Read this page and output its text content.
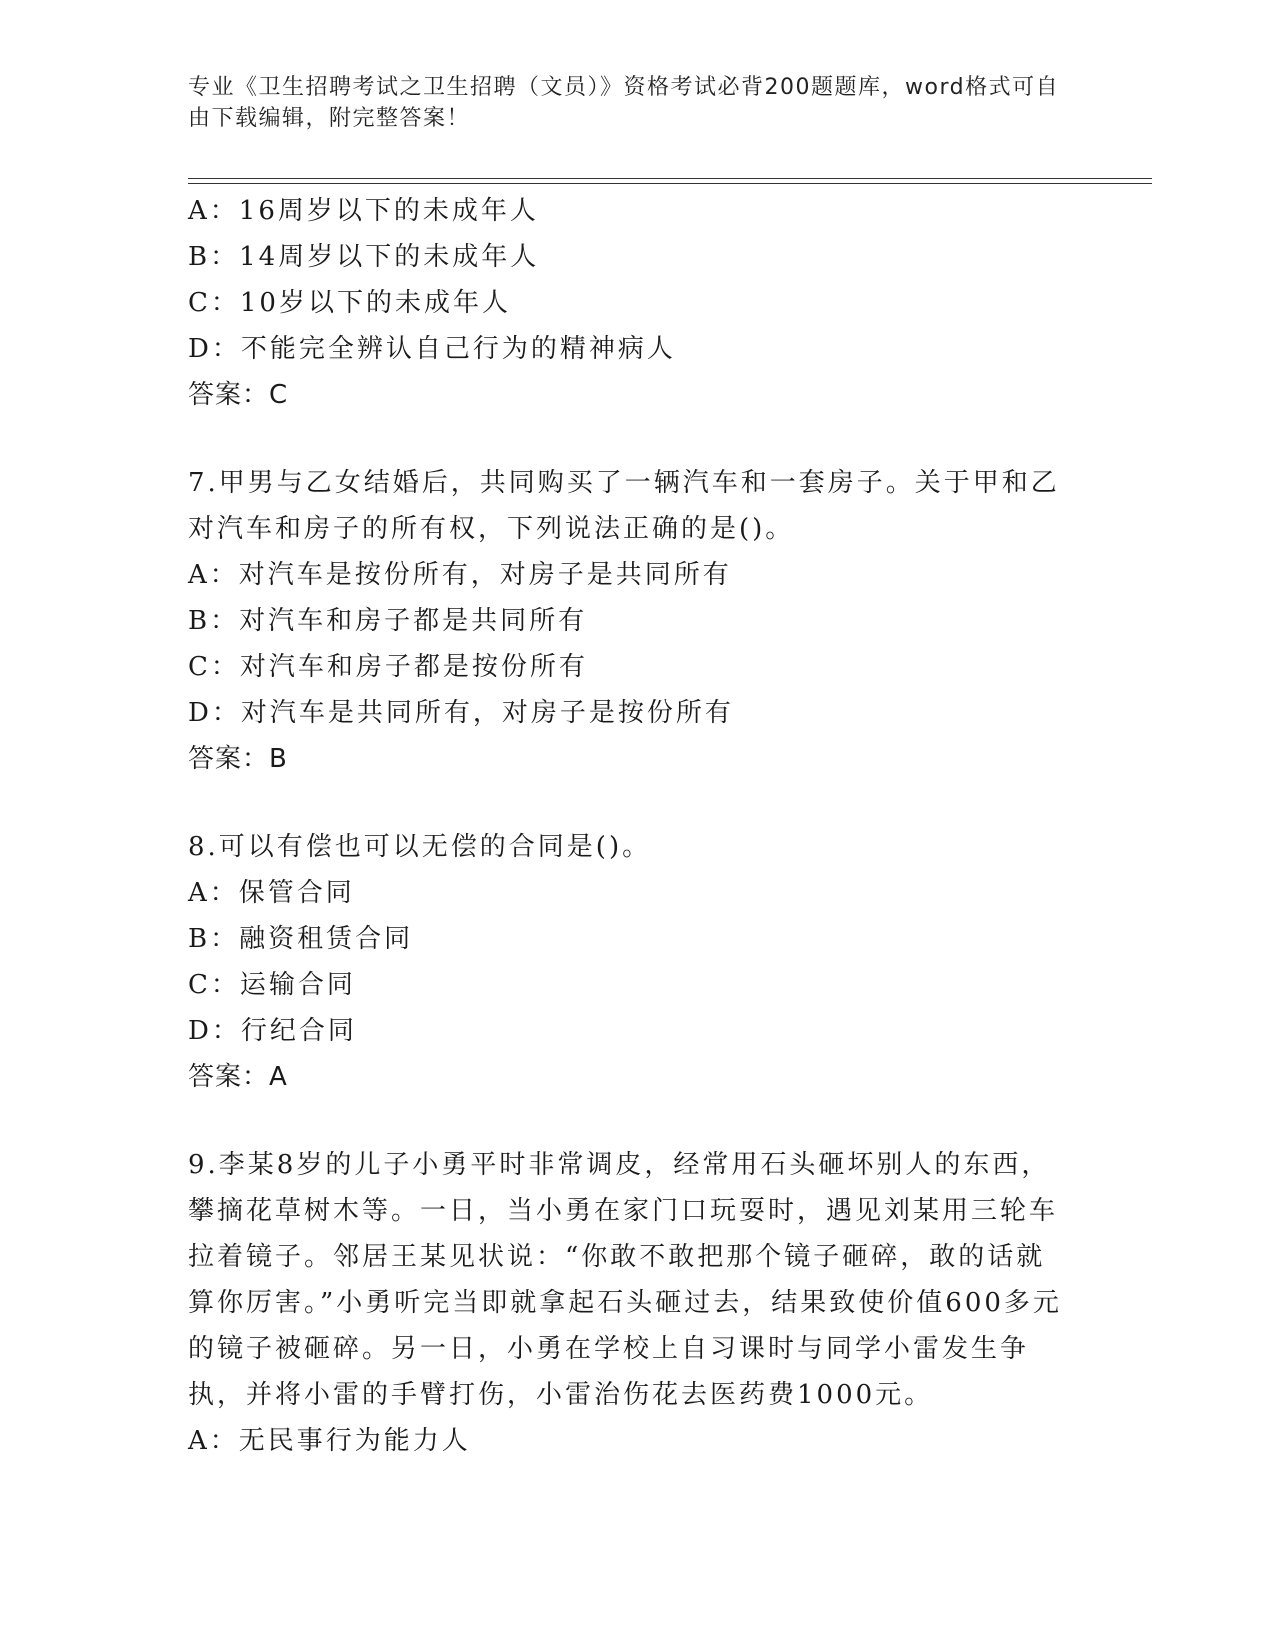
专业《卫生招聘考试之卫生招聘（文员）》资格考试必背200题题库，word格式可自由下载编辑，附完整答案！
A：16周岁以下的未成年人
B：14周岁以下的未成年人
C：10岁以下的未成年人
D：不能完全辨认自己行为的精神病人
答案：C
7.甲男与乙女结婚后，共同购买了一辆汽车和一套房子。关于甲和乙对汽车和房子的所有权，下列说法正确的是()。
A：对汽车是按份所有，对房子是共同所有
B：对汽车和房子都是共同所有
C：对汽车和房子都是按份所有
D：对汽车是共同所有，对房子是按份所有
答案：B
8.可以有偿也可以无偿的合同是()。
A：保管合同
B：融资租赁合同
C：运输合同
D：行纪合同
答案：A
9.李某8岁的儿子小勇平时非常调皮，经常用石头砸坏别人的东西，攀摘花草树木等。一日，当小勇在家门口玩耍时，遇见刘某用三轮车拉着镜子。邻居王某见状说：“你敢不敢把那个镜子砸碎，敢的话就算你厉害。”小勇听完当即就拿起石头砸过去，结果致使价值600多元的镜子被砸碎。另一日，小勇在学校上自习课时与同学小雷发生争执，并将小雷的手臂打伤，小雷治伤花去医药费1000元。
A：无民事行为能力人
